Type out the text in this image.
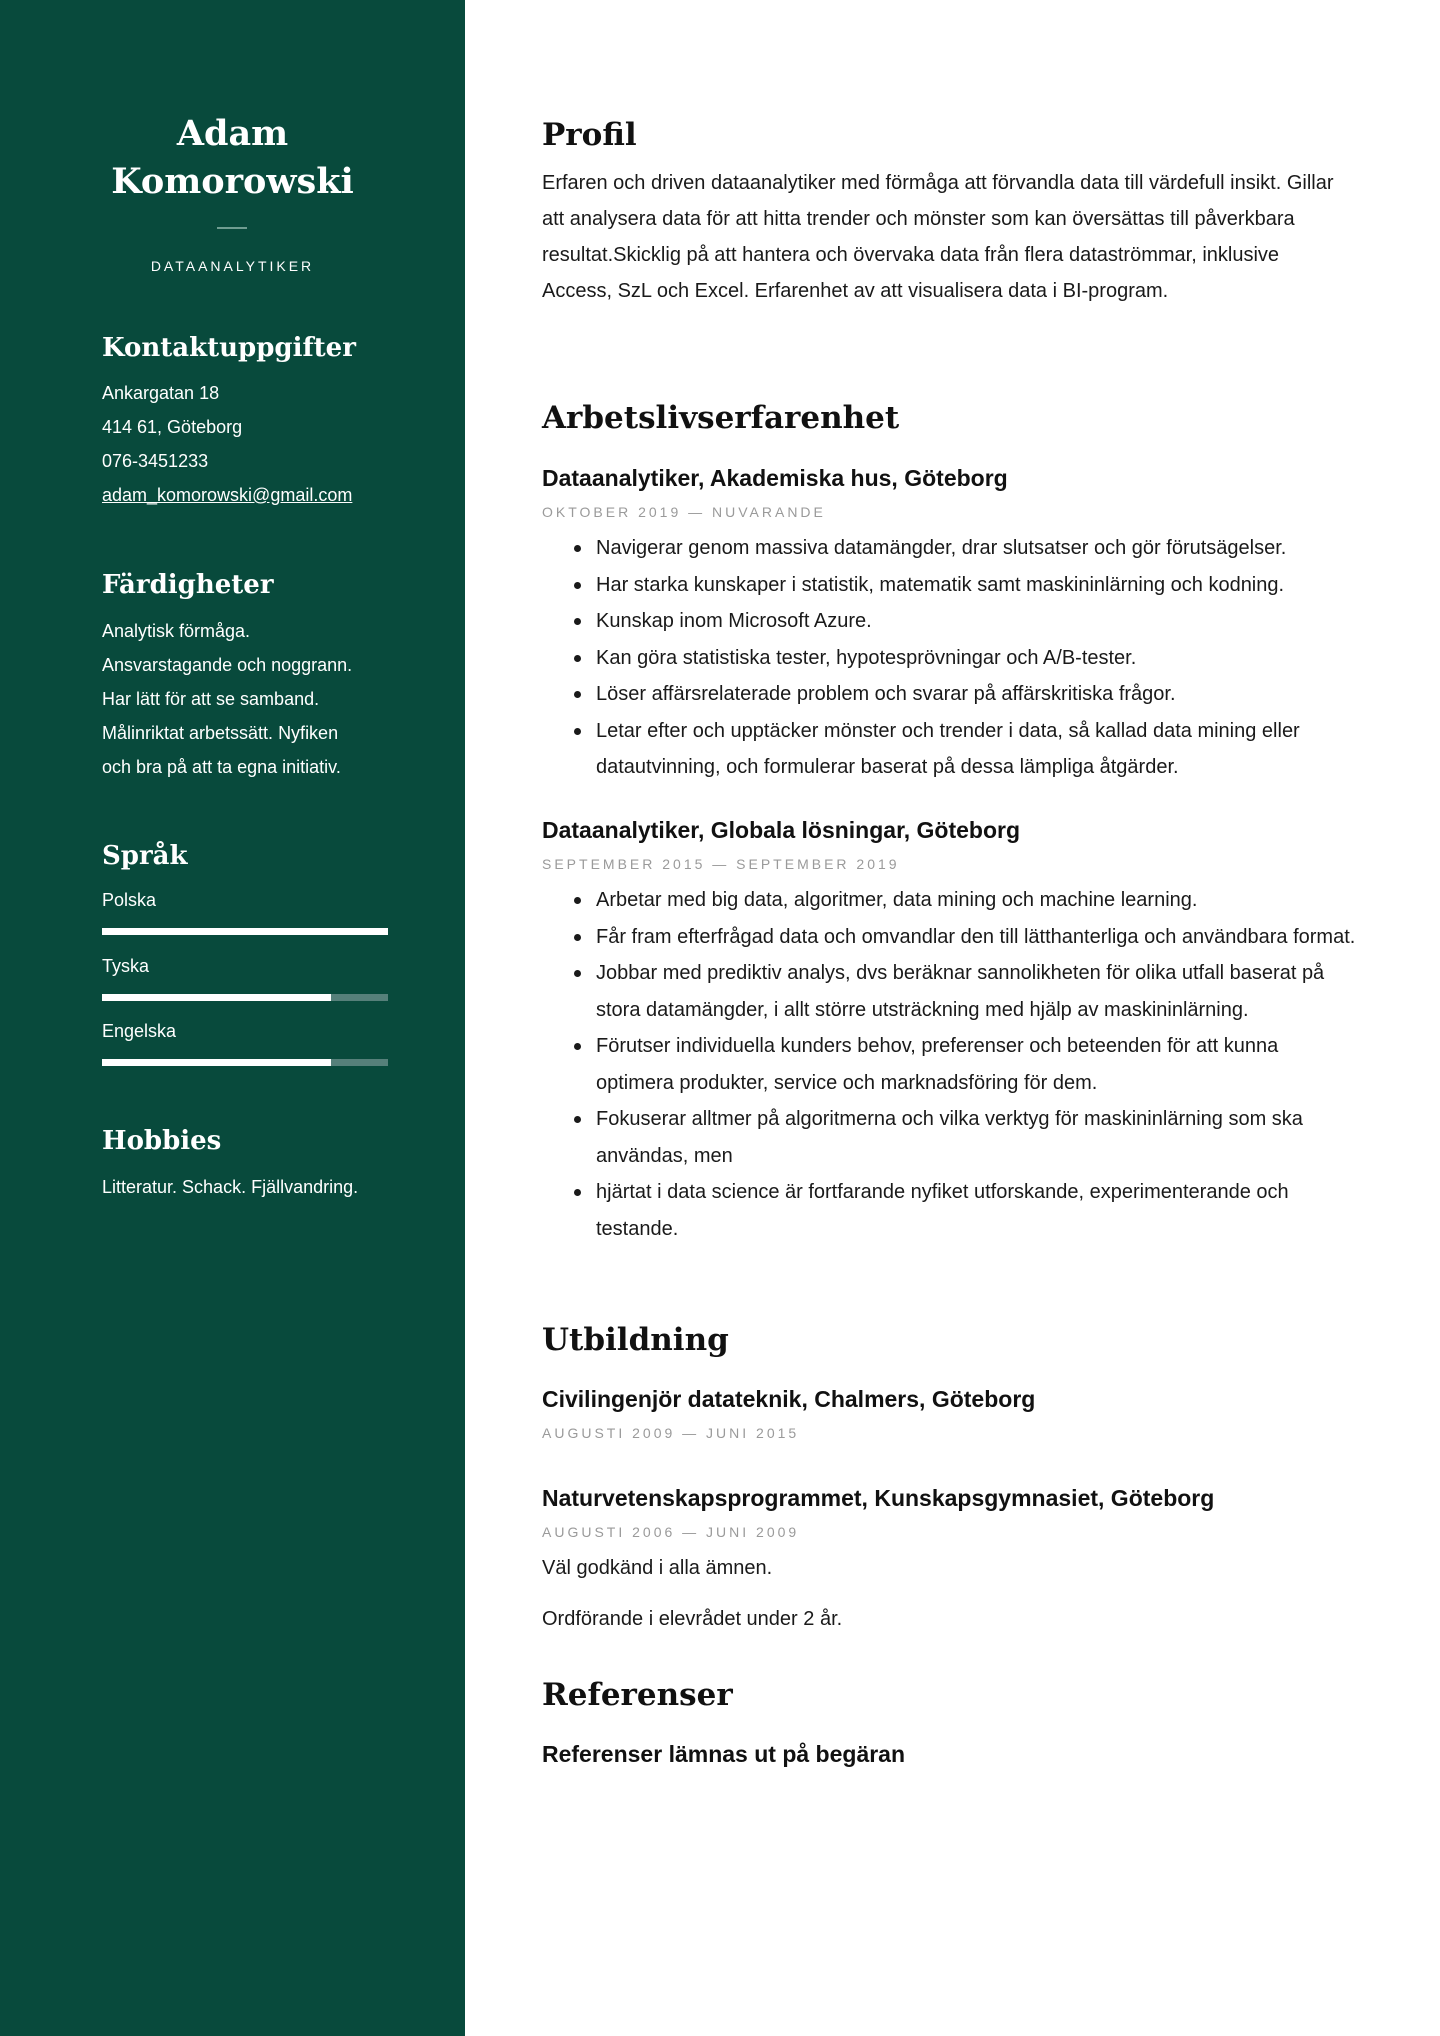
Adam
Komorowski
DATAANALYTIKER
Kontaktuppgifter
Ankargatan 18
414 61, Göteborg
076-3451233
adam_komorowski@gmail.com
Färdigheter
Analytisk förmåga.
Ansvarstagande och noggrann.
Har lätt för att se samband.
Målinriktat arbetssätt. Nyfiken
och bra på att ta egna initiativ.
Språk
Polska
Tyska
Engelska
Hobbies
Litteratur. Schack. Fjällvandring.
Profil

Erfaren och driven dataanalytiker med förmåga att förvandla data till värdefull insikt. Gillar att analysera data för att hitta trender och mönster som kan översättas till påverkbara resultat.Skicklig på att hantera och övervaka data från flera dataströmmar, inklusive Access, SzL och Excel. Erfarenhet av att visualisera data i BI-program.

Arbetslivserfarenhet
Dataanalytiker, Akademiska hus, Göteborg
OKTOBER 2019 — NUVARANDE
Navigerar genom massiva datamängder, drar slutsatser och gör förutsägelser.
Har starka kunskaper i statistik, matematik samt maskininlärning och kodning.
Kunskap inom Microsoft Azure.
Kan göra statistiska tester, hypotesprövningar och A/B-tester.
Löser affärsrelaterade problem och svarar på affärskritiska frågor.
Letar efter och upptäcker mönster och trender i data, så kallad data mining eller datautvinning, och formulerar baserat på dessa lämpliga åtgärder.
Dataanalytiker, Globala lösningar, Göteborg
SEPTEMBER 2015 — SEPTEMBER 2019
Arbetar med big data, algoritmer, data mining och machine learning.
Får fram efterfrågad data och omvandlar den till lätthanterliga och användbara format.
Jobbar med prediktiv analys, dvs beräknar sannolikheten för olika utfall baserat på stora datamängder, i allt större utsträckning med hjälp av maskininlärning.
Förutser individuella kunders behov, preferenser och beteenden för att kunna optimera produkter, service och marknadsföring för dem.
Fokuserar alltmer på algoritmerna och vilka verktyg för maskininlärning som ska användas, men
hjärtat i data science är fortfarande nyfiket utforskande, experimenterande och testande.
Utbildning
Civilingenjör datateknik, Chalmers, Göteborg
AUGUSTI 2009 — JUNI 2015
Naturvetenskapsprogrammet, Kunskapsgymnasiet, Göteborg
AUGUSTI 2006 — JUNI 2009

Väl godkänd i alla ämnen.

Ordförande i elevrådet under 2 år.

Referenser
Referenser lämnas ut på begäran
